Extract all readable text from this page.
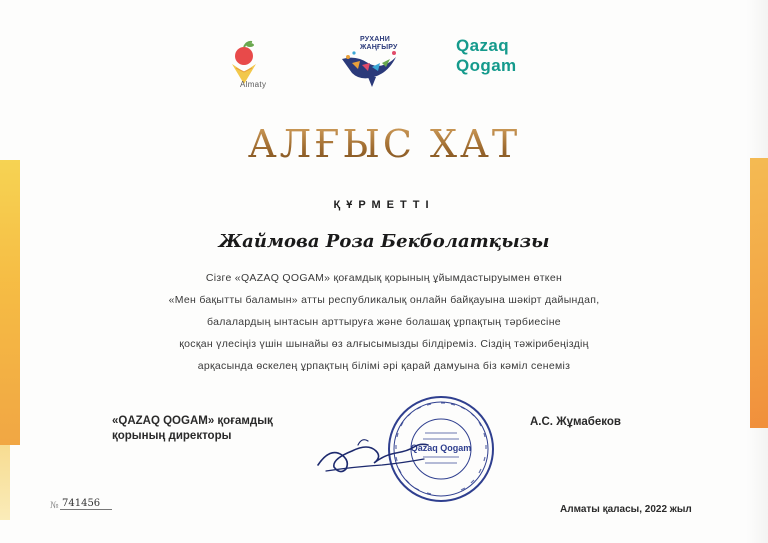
Almaty
РУХАНИ
ЖАҢҒЫРУ	Qazaq
Qogam
АЛҒЫС ХАТ
ҚҰРМЕТТІ
Жаймова Роза Бекболатқызы
Сізге «QAZAQ QOGAM» қоғамдық қорының ұйымдастыруымен өткен
«Мен бақытты баламын» атты республикалық онлайн байқауына шәкірт дайындап,
балалардың ынтасын арттыруға және болашақ ұрпақтың тәрбиесіне
қосқан үлесіңіз үшін шынайы өз алғысымызды білдіреміз. Сіздің тәжірибеңіздің
арқасында өскелең ұрпақтың білімі әрі қарай дамуына біз кәміл сенеміз
«QAZAQ QOGAM» қоғамдық
қорының директоры
Qazaq Qogam
А.С. Жұмабеков
№ 741456
Алматы қаласы, 2022 жыл
